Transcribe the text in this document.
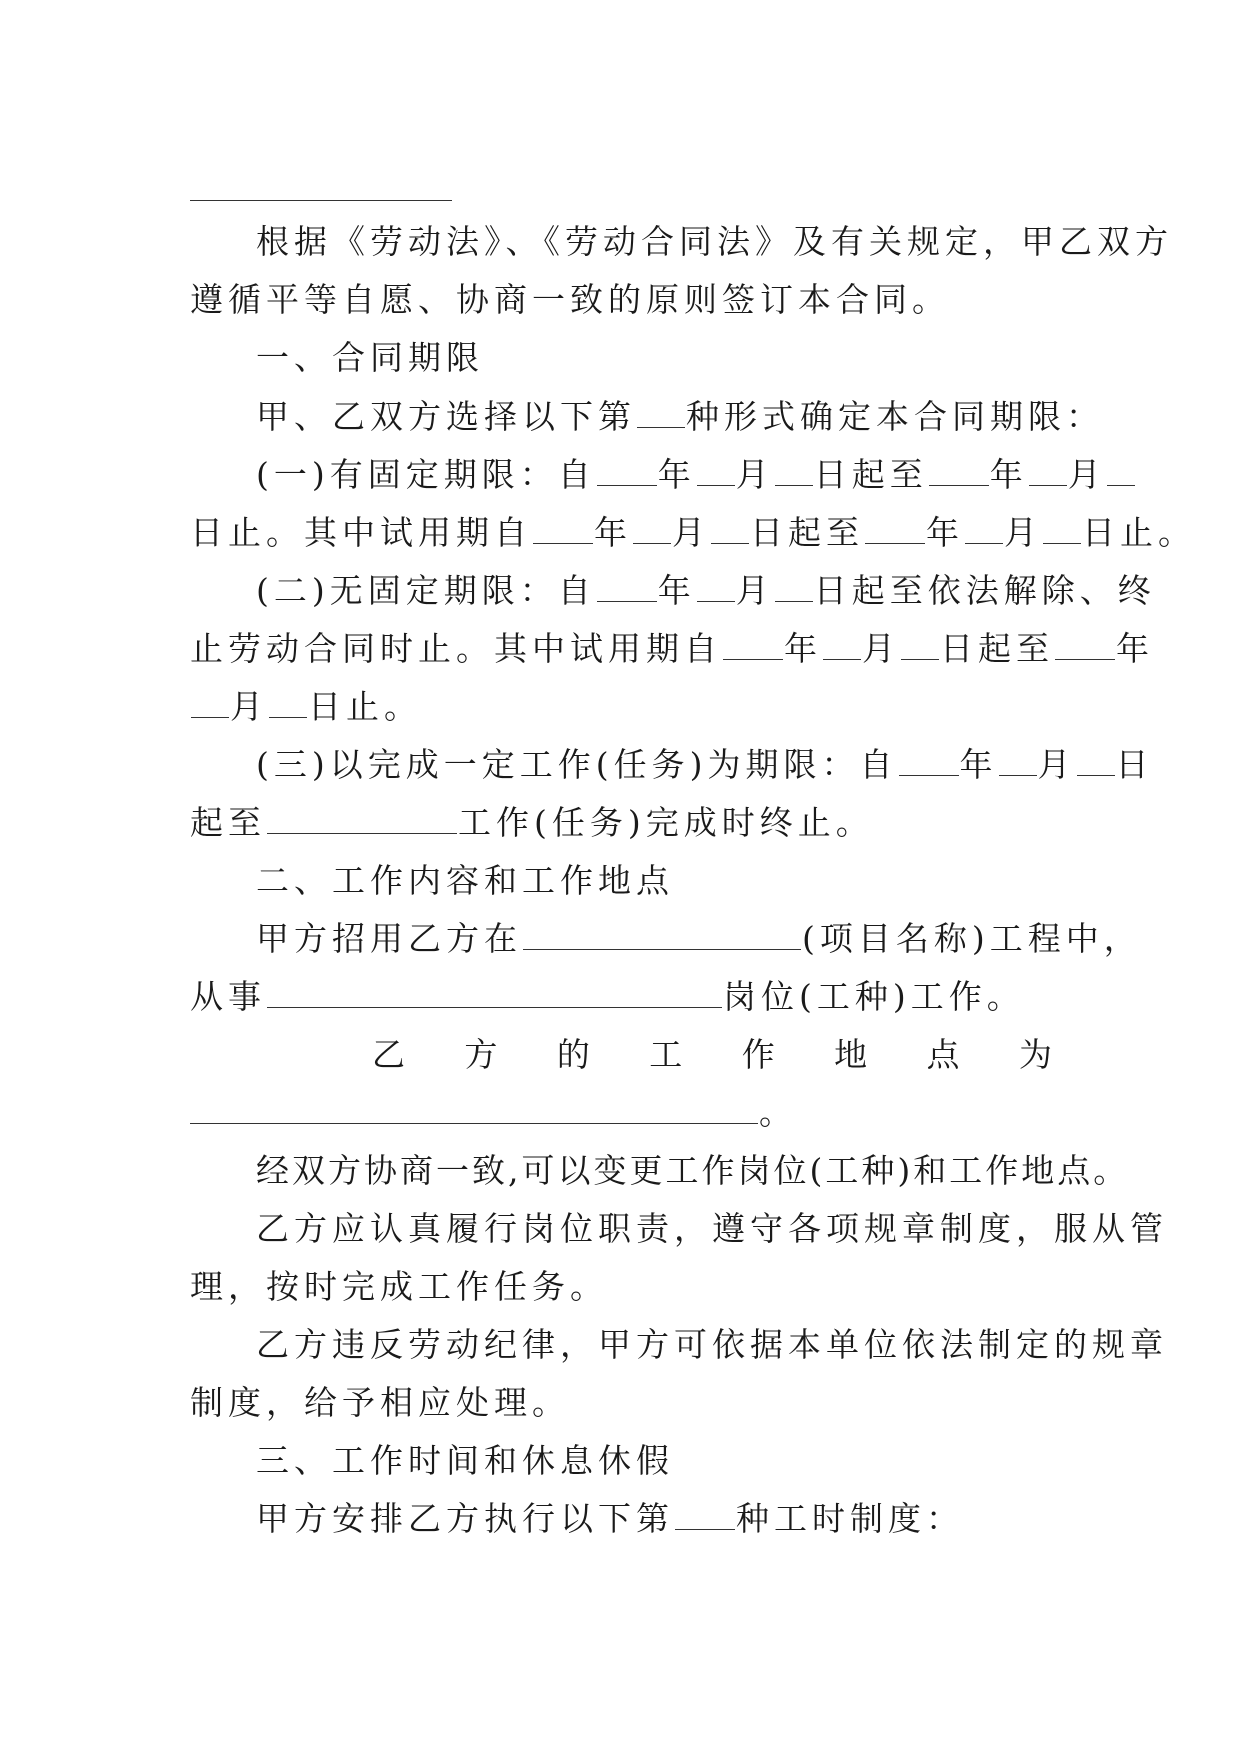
根据《劳动法》、《劳动合同法》及有关规定，甲乙双方
遵循平等自愿、协商一致的原则签订本合同。
一、合同期限
甲、乙双方选择以下第 种形式确定本合同期限：
(一)有固定期限：自 年 月 日起至 年 月
日止。其中试用期自 年 月 日起至 年 月 日止。
(二)无固定期限：自 年 月 日起至依法解除、终
止劳动合同时止。其中试用期自 年 月 日起至 年
月 日止。
(三)以完成一定工作(任务)为期限：自 年 月 日
起至	工作(任务)完成时终止。
二、工作内容和工作地点
甲方招用乙方在	(项目名称)工程中，
从事	岗位(工种)工作。
乙 方 的 工 作 地 点 为
。
经双方协商一致,可以变更工作岗位(工种)和工作地点。
乙方应认真履行岗位职责，遵守各项规章制度，服从管
理，按时完成工作任务。
乙方违反劳动纪律，甲方可依据本单位依法制定的规章
制度，给予相应处理。
三、工作时间和休息休假
甲方安排乙方执行以下第 种工时制度：
